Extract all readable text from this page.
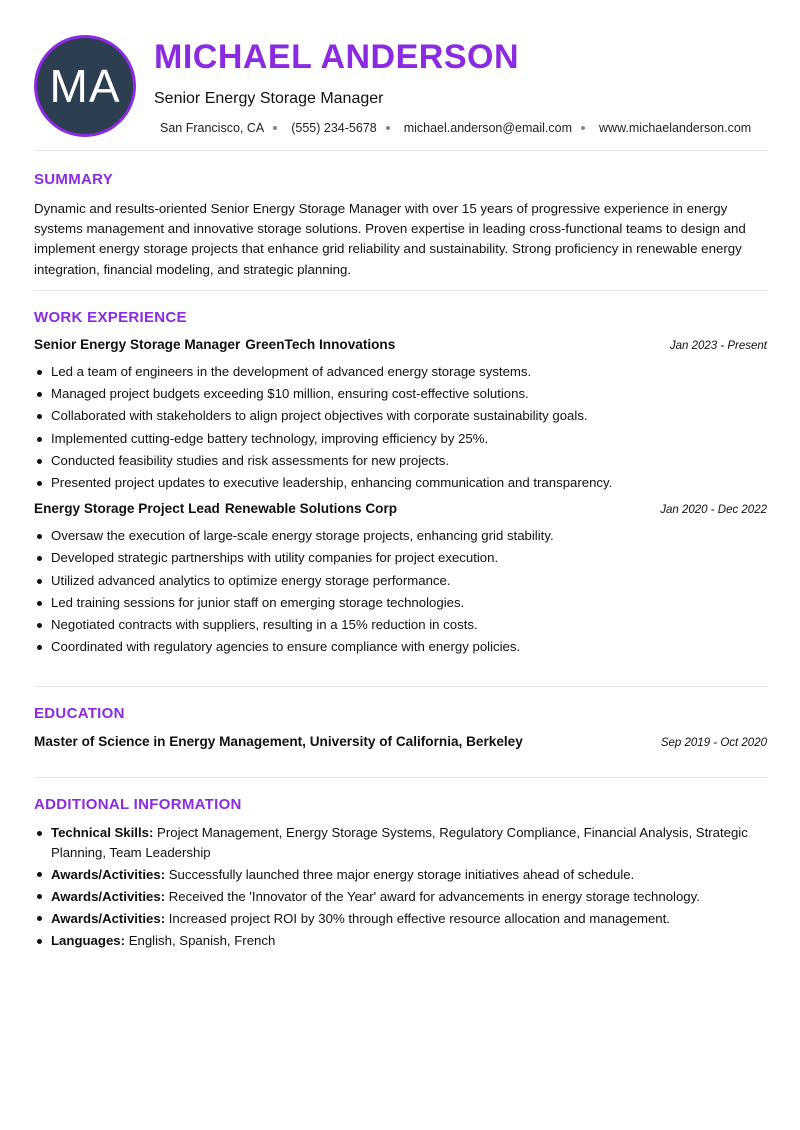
MA
MICHAEL ANDERSON
Senior Energy Storage Manager
San Francisco, CA (555) 234-5678 michael.anderson@email.com www.michaelanderson.com
SUMMARY

Dynamic and results-oriented Senior Energy Storage Manager with over 15 years of progressive experience in energy systems management and innovative storage solutions. Proven expertise in leading cross-functional teams to design and implement energy storage projects that enhance grid reliability and sustainability. Strong proficiency in renewable energy integration, financial modeling, and strategic planning.

WORK EXPERIENCE
Senior Energy Storage Manager GreenTech Innovations	Jan 2023 - Present
Led a team of engineers in the development of advanced energy storage systems.
Managed project budgets exceeding $10 million, ensuring cost-effective solutions.
Collaborated with stakeholders to align project objectives with corporate sustainability goals.
Implemented cutting-edge battery technology, improving efficiency by 25%.
Conducted feasibility studies and risk assessments for new projects.
Presented project updates to executive leadership, enhancing communication and transparency.
Energy Storage Project Lead Renewable Solutions Corp	Jan 2020 - Dec 2022
Oversaw the execution of large-scale energy storage projects, enhancing grid stability.
Developed strategic partnerships with utility companies for project execution.
Utilized advanced analytics to optimize energy storage performance.
Led training sessions for junior staff on emerging storage technologies.
Negotiated contracts with suppliers, resulting in a 15% reduction in costs.
Coordinated with regulatory agencies to ensure compliance with energy policies.
EDUCATION
Master of Science in Energy Management, University of California, Berkeley	Sep 2019 - Oct 2020
ADDITIONAL INFORMATION
Technical Skills: Project Management, Energy Storage Systems, Regulatory Compliance, Financial Analysis, Strategic Planning, Team Leadership
Awards/Activities: Successfully launched three major energy storage initiatives ahead of schedule.
Awards/Activities: Received the 'Innovator of the Year' award for advancements in energy storage technology.
Awards/Activities: Increased project ROI by 30% through effective resource allocation and management.
Languages: English, Spanish, French
